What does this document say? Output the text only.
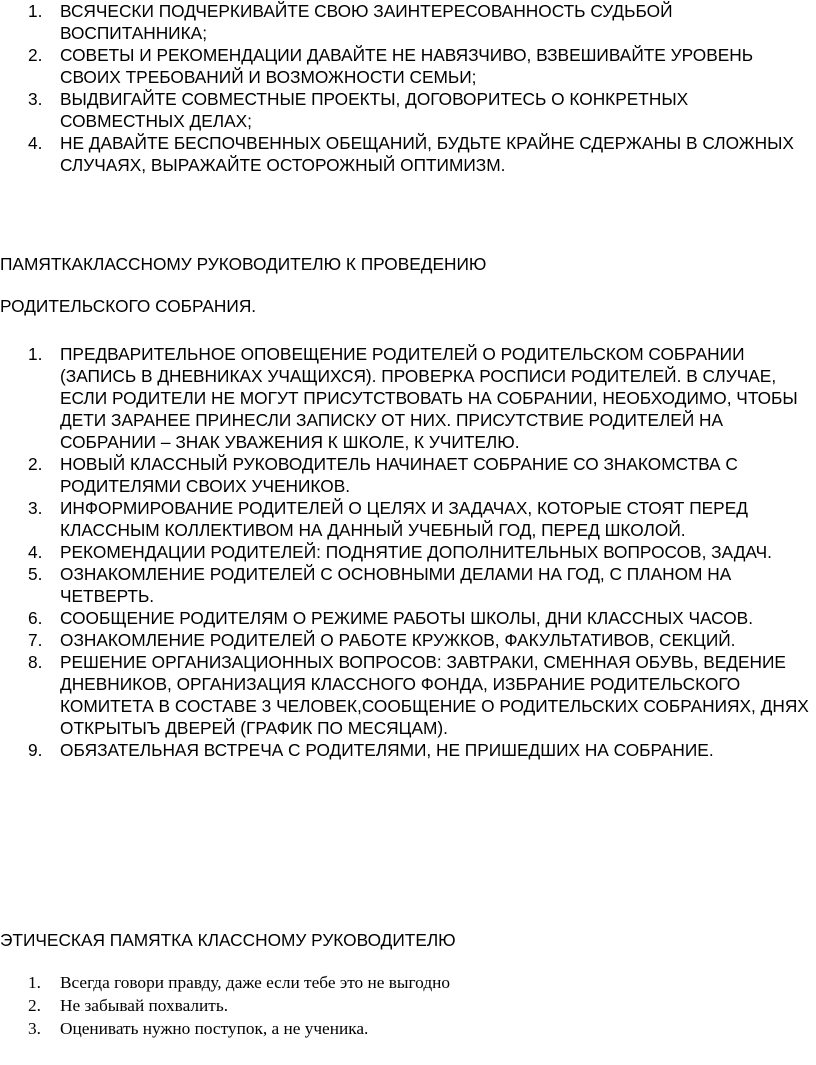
1. ВСЯЧЕСКИ ПОДЧЕРКИВАЙТЕ СВОЮ ЗАИНТЕРЕСОВАННОСТЬ СУДЬБОЙ ВОСПИТАННИКА;
2. СОВЕТЫ И РЕКОМЕНДАЦИИ ДАВАЙТЕ НЕ НАВЯЗЧИВО, ВЗВЕШИВАЙТЕ УРОВЕНЬ СВОИХ ТРЕБОВАНИЙ И ВОЗМОЖНОСТИ СЕМЬИ;
3. ВЫДВИГАЙТЕ СОВМЕСТНЫЕ ПРОЕКТЫ, ДОГОВОРИТЕСЬ О КОНКРЕТНЫХ СОВМЕСТНЫХ ДЕЛАХ;
4. НЕ ДАВАЙТЕ БЕСПОЧВЕННЫХ ОБЕЩАНИЙ, БУДЬТЕ КРАЙНЕ СДЕРЖАНЫ В СЛОЖНЫХ СЛУЧАЯХ, ВЫРАЖАЙТЕ ОСТОРОЖНЫЙ ОПТИМИЗМ.

ПАМЯТКАКЛАССНОМУ РУКОВОДИТЕЛЮ К ПРОВЕДЕНИЮ

РОДИТЕЛЬСКОГО СОБРАНИЯ.

1. ПРЕДВАРИТЕЛЬНОЕ ОПОВЕЩЕНИЕ РОДИТЕЛЕЙ О РОДИТЕЛЬСКОМ СОБРАНИИ (ЗАПИСЬ В ДНЕВНИКАХ УЧАЩИХСЯ). ПРОВЕРКА РОСПИСИ РОДИТЕЛЕЙ. В СЛУЧАЕ, ЕСЛИ РОДИТЕЛИ НЕ МОГУТ ПРИСУТСТВОВАТЬ НА СОБРАНИИ, НЕОБХОДИМО, ЧТОБЫ ДЕТИ ЗАРАНЕЕ ПРИНЕСЛИ ЗАПИСКУ ОТ НИХ. ПРИСУТСТВИЕ РОДИТЕЛЕЙ НА СОБРАНИИ – ЗНАК УВАЖЕНИЯ К ШКОЛЕ, К УЧИТЕЛЮ.
2. НОВЫЙ КЛАССНЫЙ РУКОВОДИТЕЛЬ НАЧИНАЕТ СОБРАНИЕ СО ЗНАКОМСТВА С РОДИТЕЛЯМИ СВОИХ УЧЕНИКОВ.
3. ИНФОРМИРОВАНИЕ РОДИТЕЛЕЙ О ЦЕЛЯХ И ЗАДАЧАХ, КОТОРЫЕ СТОЯТ ПЕРЕД КЛАССНЫМ КОЛЛЕКТИВОМ НА ДАННЫЙ УЧЕБНЫЙ ГОД, ПЕРЕД ШКОЛОЙ.
4. РЕКОМЕНДАЦИИ РОДИТЕЛЕЙ: ПОДНЯТИЕ ДОПОЛНИТЕЛЬНЫХ ВОПРОСОВ, ЗАДАЧ.
5. ОЗНАКОМЛЕНИЕ РОДИТЕЛЕЙ С ОСНОВНЫМИ ДЕЛАМИ НА ГОД, С ПЛАНОМ НА ЧЕТВЕРТЬ.
6. СООБЩЕНИЕ РОДИТЕЛЯМ О РЕЖИМЕ РАБОТЫ ШКОЛЫ, ДНИ КЛАССНЫХ ЧАСОВ.
7. ОЗНАКОМЛЕНИЕ РОДИТЕЛЕЙ О РАБОТЕ КРУЖКОВ, ФАКУЛЬТАТИВОВ, СЕКЦИЙ.
8. РЕШЕНИЕ ОРГАНИЗАЦИОННЫХ ВОПРОСОВ: ЗАВТРАКИ, СМЕННАЯ ОБУВЬ, ВЕДЕНИЕ ДНЕВНИКОВ, ОРГАНИЗАЦИЯ КЛАССНОГО ФОНДА, ИЗБРАНИЕ РОДИТЕЛЬСКОГО КОМИТЕТА В СОСТАВЕ 3 ЧЕЛОВЕК,СООБЩЕНИЕ О РОДИТЕЛЬСКИХ СОБРАНИЯХ, ДНЯХ ОТКРЫТЫЪ ДВЕРЕЙ (ГРАФИК ПО МЕСЯЦАМ).
9. ОБЯЗАТЕЛЬНАЯ ВСТРЕЧА С РОДИТЕЛЯМИ, НЕ ПРИШЕДШИХ НА СОБРАНИЕ.

ЭТИЧЕСКАЯ ПАМЯТКА КЛАССНОМУ РУКОВОДИТЕЛЮ

1. Всегда говори правду, даже если тебе это не выгодно
2. Не забывай похвалить.
3. Оценивать нужно поступок, а не ученика.
